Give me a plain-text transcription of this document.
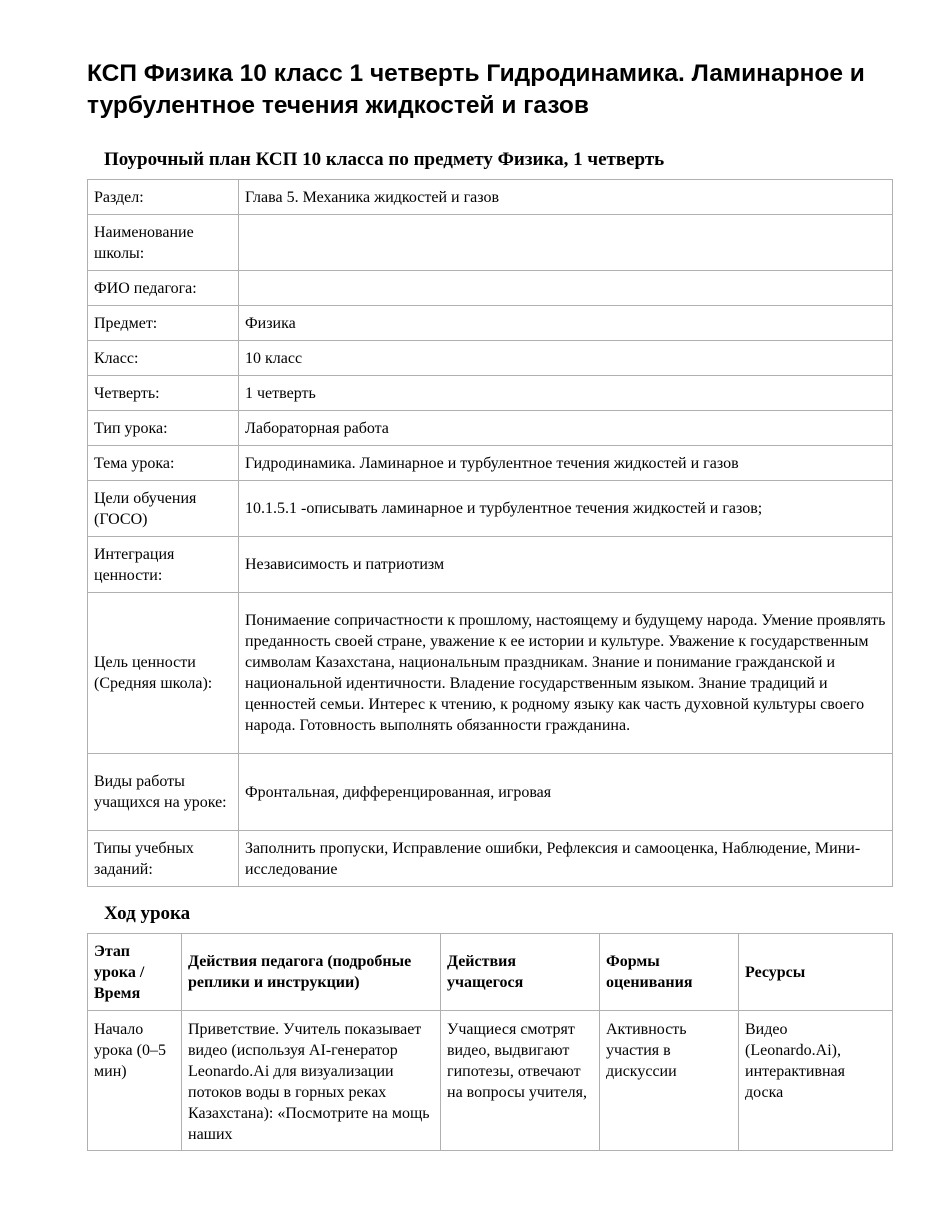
КСП Физика 10 класс 1 четверть Гидродинамика. Ламинарное и турбулентное течения жидкостей и газов
Поурочный план КСП 10 класса по предмету Физика, 1 четверть
Раздел:	Глава 5. Механика жидкостей и газов
Наименование школы:	
ФИО педагога:	
Предмет:	Физика
Класс:	10 класс
Четверть:	1 четверть
Тип урока:	Лабораторная работа
Тема урока:	Гидродинамика. Ламинарное и турбулентное течения жидкостей и газов
Цели обучения (ГОСО)	10.1.5.1 -описывать ламинарное и турбулентное течения жидкостей и газов;
Интеграция ценности:	Независимость и патриотизм
Цель ценности (Средняя школа):	Понимаение сопричастности к прошлому, настоящему и будущему народа. Умение проявлять преданность своей стране, уважение к ее истории и культуре. Уважение к государственным символам Казахстана, национальным праздникам. Знание и понимание гражданской и национальной идентичности. Владение государственным языком. Знание традиций и ценностей семьи. Интерес к чтению, к родному языку как часть духовной культуры своего народа. Готовность выполнять обязанности гражданина.
Виды работы учащихся на уроке:	Фронтальная, дифференцированная, игровая
Типы учебных заданий:	Заполнить пропуски, Исправление ошибки, Рефлексия и самооценка, Наблюдение, Мини-исследование
Ход урока
Этап урока / Время	Действия педагога (подробные реплики и инструкции)	Действия учащегося	Формы оценивания	Ресурсы
Начало урока (0–5 мин)	Приветствие. Учитель показывает видео (используя AI-генератор Leonardo.Ai для визуализации потоков воды в горных реках Казахстана): «Посмотрите на мощь наших	Учащиеся смотрят видео, выдвигают гипотезы, отвечают на вопросы учителя,	Активность участия в дискуссии	Видео (Leonardo.Ai), интерактивная доска
